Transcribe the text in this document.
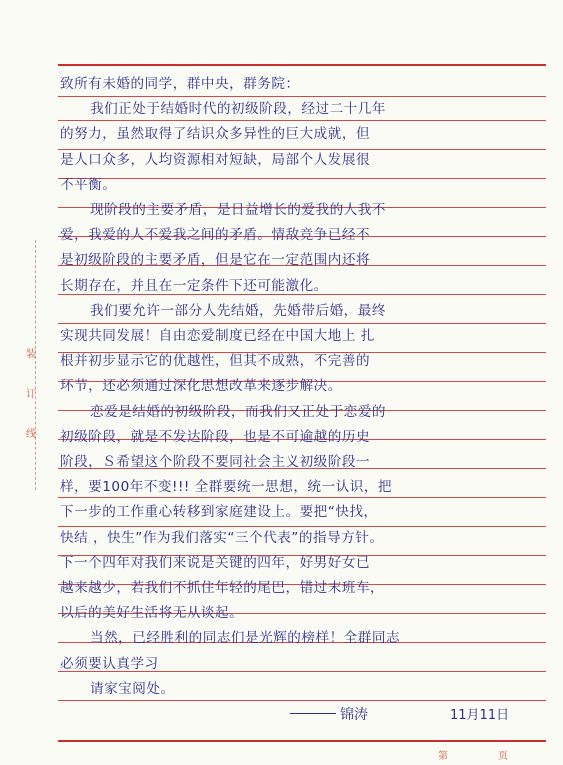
装
订
线
致所有未婚的同学，群中央，群务院：
我们正处于结婚时代的初级阶段，经过二十几年
的努力，虽然取得了结识众多异性的巨大成就，但
是人口众多，人均资源相对短缺，局部个人发展很
不平衡。
现阶段的主要矛盾，是日益增长的爱我的人我不
爱，我爱的人不爱我之间的矛盾。情敌竞争已经不
是初级阶段的主要矛盾，但是它在一定范围内还将
长期存在，并且在一定条件下还可能激化。
我们要允许一部分人先结婚，先婚带后婚，最终
实现共同发展！自由恋爱制度已经在中国大地上 扎
根并初步显示它的优越性，但其不成熟，不完善的
环节，还必须通过深化思想改革来逐步解决。
恋爱是结婚的初级阶段，而我们又正处于恋爱的
初级阶段，就是不发达阶段，也是不可逾越的历史
阶段，Ｓ希望这个阶段不要同社会主义初级阶段一
样，要100年不变!!! 全群要统一思想，统一认识，把
下一步的工作重心转移到家庭建设上。要把“快找，
快结 ，快生”作为我们落实“三个代表”的指导方针。
下一个四年对我们来说是关键的四年，好男好女已
越来越少，若我们不抓住年轻的尾巴，错过末班车，
以后的美好生活将无从谈起。
当然，已经胜利的同志们是光辉的榜样！全群同志
必须要认真学习
请家宝阅处。
锦涛	11月11日
第	页
